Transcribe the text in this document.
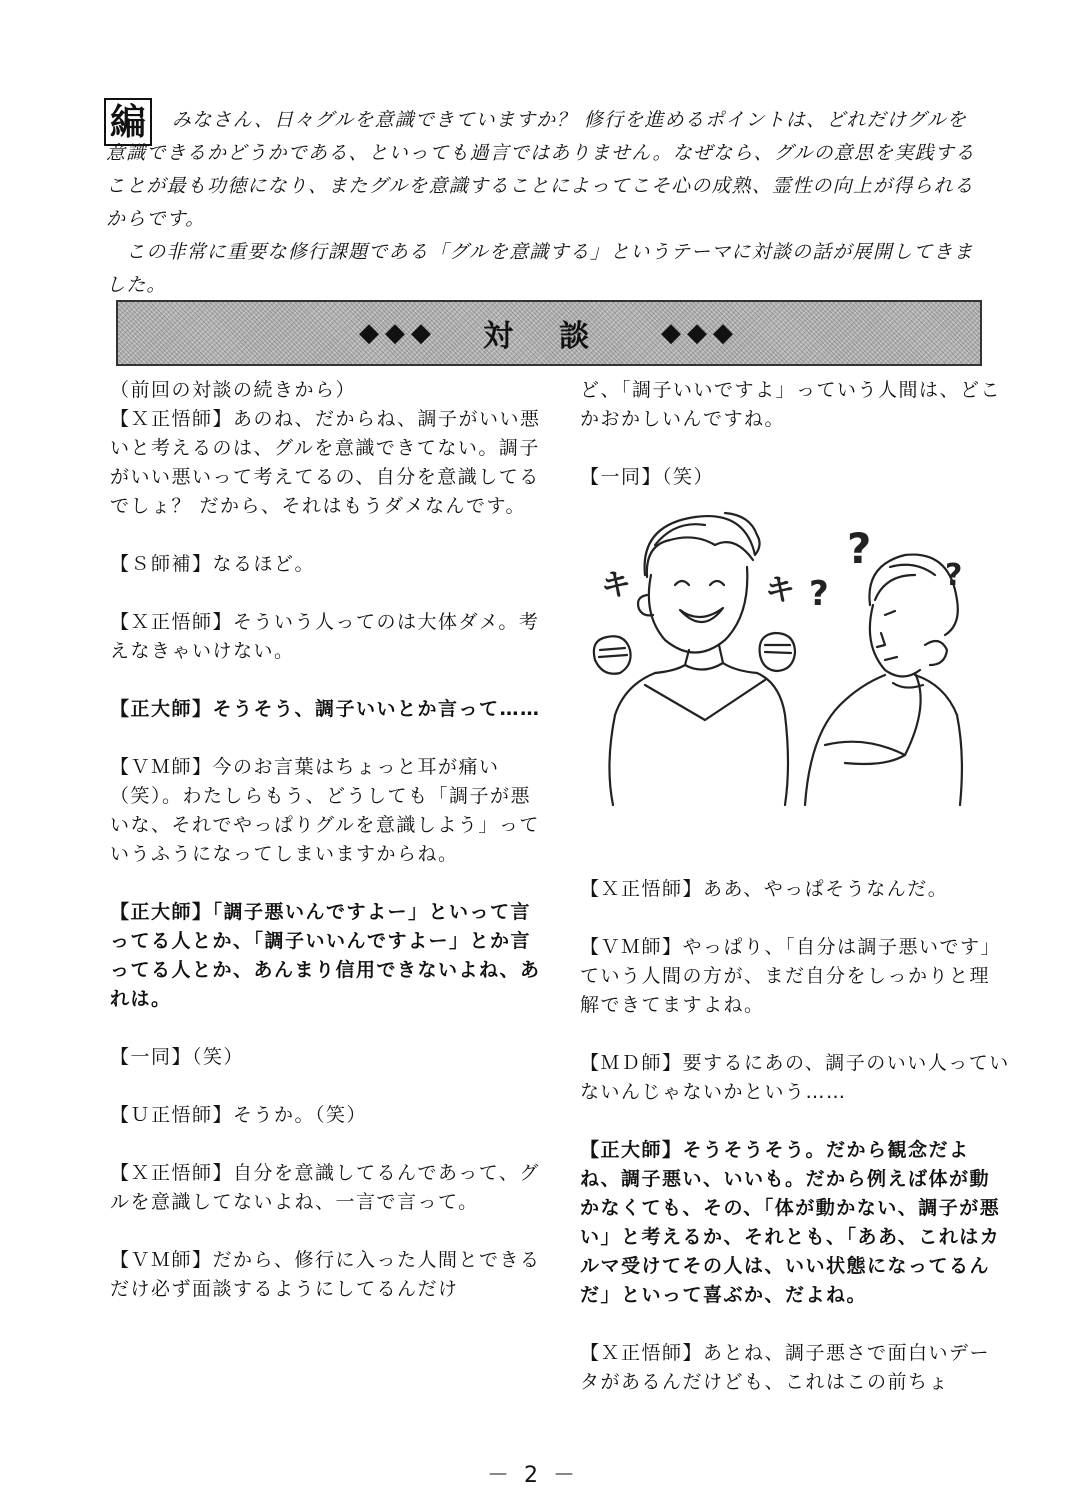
編	みなさん、日々グルを意識できていますか？ 修行を進めるポイントは、どれだけグルを意識できるかどうかである、といっても過言ではありません。なぜなら、グルの意思を実践することが最も功徳になり、またグルを意識することによってこそ心の成熟、霊性の向上が得られるからです。

この非常に重要な修行課題である「グルを意識する」というテーマに対談の話が展開してきました。

◆◆◆ 対談 ◆◆◆

（前回の対談の続きから）

【Ｘ正悟師】あのね、だからね、調子がいい悪いと考えるのは、グルを意識できてない。調子がいい悪いって考えてるの、自分を意識してるでしょ？ だから、それはもうダメなんです。

【Ｓ師補】なるほど。

【Ｘ正悟師】そういう人ってのは大体ダメ。考えなきゃいけない。

【正大師】そうそう、調子いいとか言って……

【ＶＭ師】今のお言葉はちょっと耳が痛い（笑）。わたしらもう、どうしても「調子が悪いな、それでやっぱりグルを意識しよう」っていうふうになってしまいますからね。

【正大師】「調子悪いんですよー」といって言ってる人とか、「調子いいんですよー」とか言ってる人とか、あんまり信用できないよね、あれは。

【一同】（笑）

【Ｕ正悟師】そうか。（笑）

【Ｘ正悟師】自分を意識してるんであって、グルを意識してないよね、一言で言って。

【ＶＭ師】だから、修行に入った人間とできるだけ必ず面談するようにしてるんだけ

ど、「調子いいですよ」っていう人間は、どこかおかしいんですね。

【一同】（笑）

【Ｘ正悟師】ああ、やっぱそうなんだ。

【ＶＭ師】やっぱり、「自分は調子悪いです」ていう人間の方が、まだ自分をしっかりと理解できてますよね。

【ＭＤ師】要するにあの、調子のいい人っていないんじゃないかという……

【正大師】そうそうそう。だから観念だよね、調子悪い、いいも。だから例えば体が動かなくても、その、「体が動かない、調子が悪い」と考えるか、それとも、「ああ、これはカルマ受けてその人は、いい状態になってるんだ」といって喜ぶか、だよね。

【Ｘ正悟師】あとね、調子悪さで面白いデータがあるんだけども、これはこの前ちょ

?
?	?
キ	キ
－ 2 －
